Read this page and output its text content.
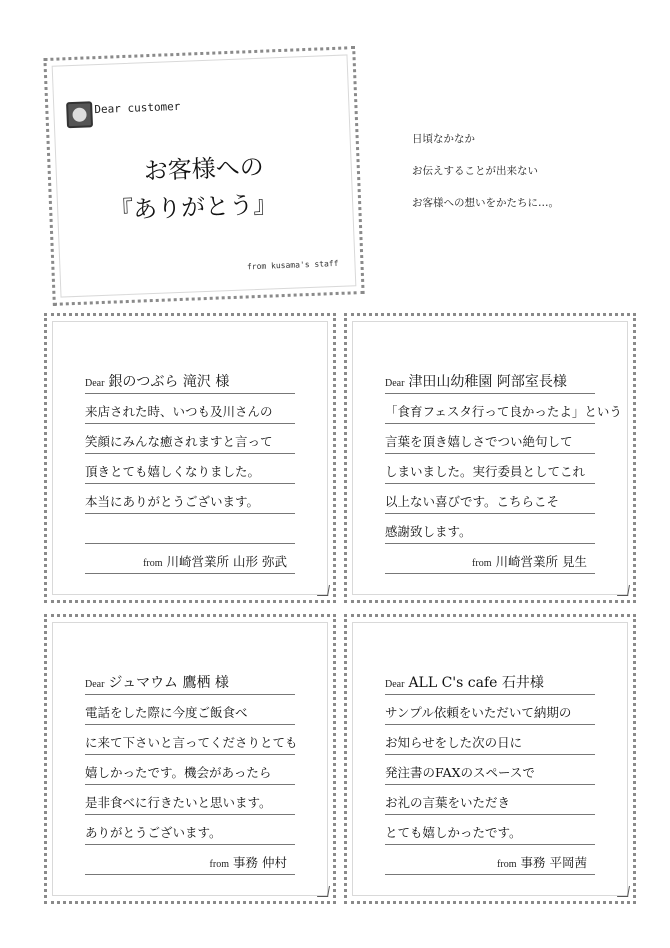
Dear customer
お客様への
『ありがとう』
from kusama's staff
日頃なかなか
お伝えすることが出来ない
お客様への想いをかたちに…。
Dear 銀のつぶら 滝沢 様
来店された時、いつも及川さんの
笑顔にみんな癒されますと言って
頂きとても嬉しくなりました。
本当にありがとうございます。
from 川崎営業所 山形 弥武
Dear 津田山幼稚園 阿部室長様
「食育フェスタ行って良かったよ」という
言葉を頂き嬉しさでつい絶句して
しまいました。実行委員としてこれ
以上ない喜びです。こちらこそ
感謝致します。
from 川崎営業所 見生
Dear ジュマウム 鷹栖 様
電話をした際に今度ご飯食べ
に来て下さいと言ってくださりとても
嬉しかったです。機会があったら
是非食べに行きたいと思います。
ありがとうございます。
from 事務 仲村
Dear ALL C's cafe 石井様
サンプル依頼をいただいて納期の
お知らせをした次の日に
発注書のFAXのスペースで
お礼の言葉をいただき
とても嬉しかったです。
from 事務 平岡茜
